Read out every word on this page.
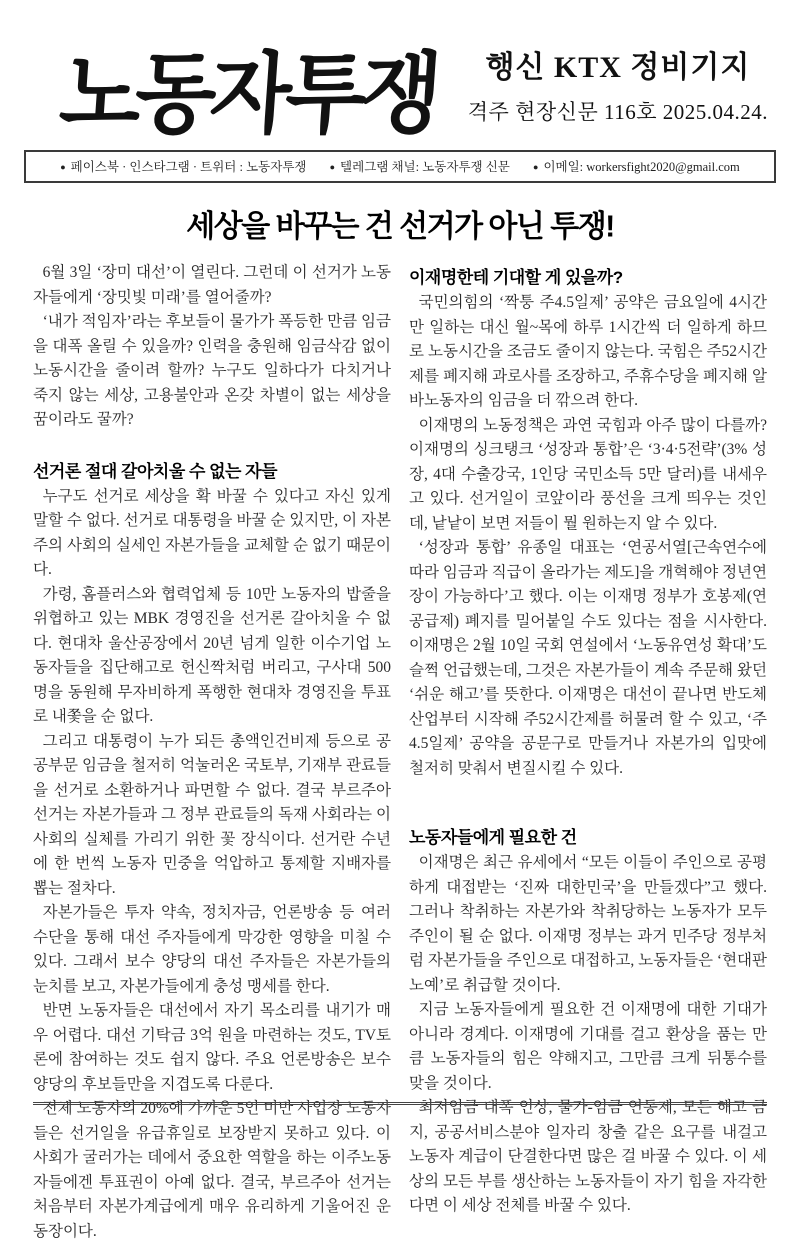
노동자투쟁	행신 KTX 정비기지
격주 현장신문 116호 2025.04.24.
● 페이스북 · 인스타그램 · 트위터 : 노동자투쟁	● 텔레그램 채널: 노동자투쟁 신문	● 이메일: workersfight2020@gmail.com
세상을 바꾸는 건 선거가 아닌 투쟁!

6월 3일 ‘장미 대선’이 열린다. 그런데 이 선거가 노동자들에게 ‘장밋빛 미래’를 열어줄까?

‘내가 적임자’라는 후보들이 물가가 폭등한 만큼 임금을 대폭 올릴 수 있을까? 인력을 충원해 임금삭감 없이 노동시간을 줄이려 할까? 누구도 일하다가 다치거나 죽지 않는 세상, 고용불안과 온갖 차별이 없는 세상을 꿈이라도 꿀까?

선거론 절대 갈아치울 수 없는 자들

누구도 선거로 세상을 확 바꿀 수 있다고 자신 있게 말할 수 없다. 선거로 대통령을 바꿀 순 있지만, 이 자본주의 사회의 실세인 자본가들을 교체할 순 없기 때문이다.

가령, 홈플러스와 협력업체 등 10만 노동자의 밥줄을 위협하고 있는 MBK 경영진을 선거론 갈아치울 수 없다. 현대차 울산공장에서 20년 넘게 일한 이수기업 노동자들을 집단해고로 헌신짝처럼 버리고, 구사대 500명을 동원해 무자비하게 폭행한 현대차 경영진을 투표로 내쫓을 순 없다.

그리고 대통령이 누가 되든 총액인건비제 등으로 공공부문 임금을 철저히 억눌러온 국토부, 기재부 관료들을 선거로 소환하거나 파면할 수 없다. 결국 부르주아 선거는 자본가들과 그 정부 관료들의 독재 사회라는 이 사회의 실체를 가리기 위한 꽃 장식이다. 선거란 수년에 한 번씩 노동자 민중을 억압하고 통제할 지배자를 뽑는 절차다.

자본가들은 투자 약속, 정치자금, 언론방송 등 여러 수단을 통해 대선 주자들에게 막강한 영향을 미칠 수 있다. 그래서 보수 양당의 대선 주자들은 자본가들의 눈치를 보고, 자본가들에게 충성 맹세를 한다.

반면 노동자들은 대선에서 자기 목소리를 내기가 매우 어렵다. 대선 기탁금 3억 원을 마련하는 것도, TV토론에 참여하는 것도 쉽지 않다. 주요 언론방송은 보수양당의 후보들만을 지겹도록 다룬다.

전체 노동자의 20%에 가까운 5인 미만 사업장 노동자들은 선거일을 유급휴일로 보장받지 못하고 있다. 이 사회가 굴러가는 데에서 중요한 역할을 하는 이주노동자들에겐 투표권이 아예 없다. 결국, 부르주아 선거는 처음부터 자본가계급에게 매우 유리하게 기울어진 운동장이다.

이재명한테 기대할 게 있을까?

국민의힘의 ‘짝퉁 주4.5일제’ 공약은 금요일에 4시간만 일하는 대신 월~목에 하루 1시간씩 더 일하게 하므로 노동시간을 조금도 줄이지 않는다. 국힘은 주52시간제를 폐지해 과로사를 조장하고, 주휴수당을 폐지해 알바노동자의 임금을 더 깎으려 한다.

이재명의 노동정책은 과연 국힘과 아주 많이 다를까? 이재명의 싱크탱크 ‘성장과 통합’은 ‘3·4·5전략’(3% 성장, 4대 수출강국, 1인당 국민소득 5만 달러)를 내세우고 있다. 선거일이 코앞이라 풍선을 크게 띄우는 것인데, 낱낱이 보면 저들이 뭘 원하는지 알 수 있다.

‘성장과 통합’ 유종일 대표는 ‘연공서열[근속연수에 따라 임금과 직급이 올라가는 제도]을 개혁해야 정년연장이 가능하다’고 했다. 이는 이재명 정부가 호봉제(연공급제) 폐지를 밀어붙일 수도 있다는 점을 시사한다. 이재명은 2월 10일 국회 연설에서 ‘노동유연성 확대’도 슬쩍 언급했는데, 그것은 자본가들이 계속 주문해 왔던 ‘쉬운 해고’를 뜻한다. 이재명은 대선이 끝나면 반도체 산업부터 시작해 주52시간제를 허물려 할 수 있고, ‘주4.5일제’ 공약을 공문구로 만들거나 자본가의 입맛에 철저히 맞춰서 변질시킬 수 있다.

노동자들에게 필요한 건

이재명은 최근 유세에서 “모든 이들이 주인으로 공평하게 대접받는 ‘진짜 대한민국’을 만들겠다”고 했다. 그러나 착취하는 자본가와 착취당하는 노동자가 모두 주인이 될 순 없다. 이재명 정부는 과거 민주당 정부처럼 자본가들을 주인으로 대접하고, 노동자들은 ‘현대판 노예’로 취급할 것이다.

지금 노동자들에게 필요한 건 이재명에 대한 기대가 아니라 경계다. 이재명에 기대를 걸고 환상을 품는 만큼 노동자들의 힘은 약해지고, 그만큼 크게 뒤통수를 맞을 것이다.

최저임금 대폭 인상, 물가-임금 연동제, 모든 해고 금지, 공공서비스분야 일자리 창출 같은 요구를 내걸고 노동자 계급이 단결한다면 많은 걸 바꿀 수 있다. 이 세상의 모든 부를 생산하는 노동자들이 자기 힘을 자각한다면 이 세상 전체를 바꿀 수 있다.
